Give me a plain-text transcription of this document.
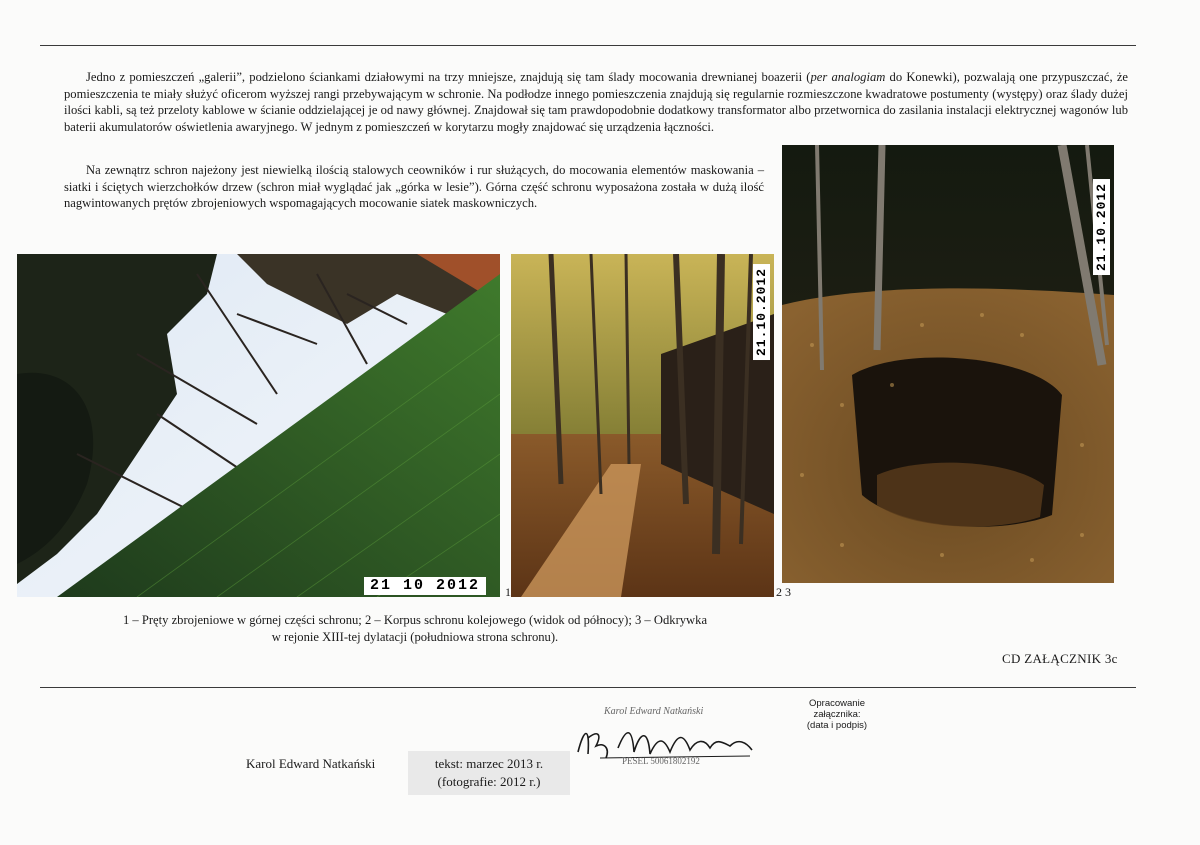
Jedno z pomieszczeń „galerii”, podzielono ściankami działowymi na trzy mniejsze, znajdują się tam ślady mocowania drewnianej boazerii (per analogiam do Konewki), pozwalają one przypuszczać, że pomieszczenia te miały służyć oficerom wyższej rangi przebywającym w schronie. Na podłodze innego pomieszczenia znajdują się regularnie rozmieszczone kwadratowe postumenty (występy) oraz ślady dużej ilości kabli, są też przeloty kablowe w ścianie oddzielającej je od nawy głównej. Znajdował się tam prawdopodobnie dodatkowy transformator albo przetwornica do zasilania instalacji elektrycznej wagonów lub baterii akumulatorów oświetlenia awaryjnego. W jednym z pomieszczeń w korytarzu mogły znajdować się urządzenia łączności.

Na zewnątrz schron najeżony jest niewielką ilością stalowych ceowników i rur służących, do mocowania elementów maskowania – siatki i ściętych wierzchołków drzew (schron miał wyglądać jak „górka w lesie”). Górna część schronu wyposażona została w dużą ilość nagwintowanych prętów zbrojeniowych wspomagających mocowanie siatek maskowniczych.

21 10 2012	1
21.10.2012
2
21.10.2012
3

1 – Pręty zbrojeniowe w górnej części schronu; 2 – Korpus schronu kolejowego (widok od północy); 3 – Odkrywka
w rejonie XIII-tej dylatacji (południowa strona schronu).

CD ZAŁĄCZNIK 3c
Karol Edward Natkański	tekst: marzec 2013 r.
(fotografie: 2012 r.)
Karol Edward Natkański
PESEL 50061802192
Opracowanie
załącznika:
(data i podpis)
